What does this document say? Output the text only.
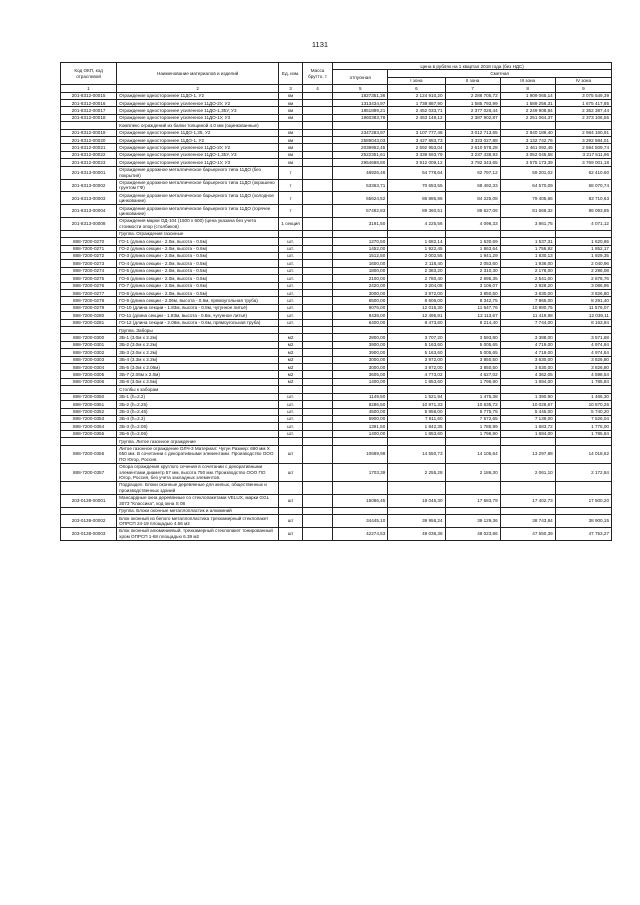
1131
Код ОКП, код отраслевой	Наименование материалов и изделий	Ед. изм.	Масса брутто, т	Цена в рублях на 1 квартал 2018 года (без НДС)				
				отпускная	Сметная			
					I зона	II зона	III зона	IV зона
1	2	3	4	5	6	7	8	9
201-8312-00015	Ограждение одностороннее 11ДО-1, У2	км		1827351,36	2 124 910,20	2 286 705,72	1 909 065,14	3 075 549,39
201-8312-00016	Ограждение одностороннее усиленное 11ДО-2У, У2	км		1313434,97	1 738 887,90	1 585 793,99	1 589 256,31	1 675 417,65
201-8312-00017	Ограждение одностороннее усиленное 11ДО-1,35У, У3	км		1851889,21	2 452 033,71	2 377 026,44	2 249 908,84	2 352 387,44
201-8312-00018	Ограждение одностороннее усиленное 11ДО-1У, У3	км		1860383,78	2 463 148,12	2 387 902,87	2 251 064,37	2 373 106,55
	Комплекс ограждений из балки толщиной 4.0 мм (оцинкованные)							
201-8312-00019	Ограждение одностороннее 11ДО-1,35, У2	км		2347283,97	3 107 777,48	3 012 713,65	2 840 189,40	2 984 160,91
201-8312-00020	Ограждение одностороннее 11ДО-1, У2	км		2589043,03	3 427 883,73	3 323 027,88	3 132 742,76	3 292 584,01
201-8312-00021	Ограждение одностороннее усиленное 11ДО-2У, У2	км		2039952,45	2 692 953,04	2 610 578,28	2 461 092,45	2 594 509,74
201-8312-00022	Ограждение одностороннее усиленное 11ДО-1,35У, У3	км		2522351,61	3 339 593,79	3 237 438,93	3 052 045,58	3 217 511,96
201-8312-00023	Ограждение одностороннее усиленное 11ДО-1У, У3	км		2954688,80	3 912 009,12	3 792 343,65	3 575 173,39	3 769 001,18
201-8313-00001	Ограждение дорожное металлическое барьерного типа 11ДО (без покрытия)	т		48926,46	64 778,64	62 797,12	59 201,02	62 410,60
201-8313-00002	Ограждение дорожное металлическое барьерного типа 11ДО (окрашено грунтом ГФ)	т		53363,71	70 653,55	68 492,33	64 570,09	68 070,74
201-8313-00003	Ограждение дорожное металлическое барьерного типа 11ДО (холодное цинкование)	т		65624,52	86 886,86	84 225,08	79 405,66	83 710,63
201-8313-00004	Ограждение дорожное металлическое барьерного типа 11ДО (горячее цинкование)	т		67492,83	89 360,51	86 627,06	81 666,32	86 093,85
201-8313-00008	Ограждения марки ОД-104 (1500 х 600) (цена указана без учета стоимости опор (столбиков)	1 секция		3191,50	4 225,56	4 096,33	3 861,75	4 071,12
	Группа. Ограждения газонные							
888-7200-0270	ГО-1 (длина секции - 2.0м, высота - 0.5м)	шт.		1270,50	1 682,14	1 630,69	1 537,31	1 620,65
888-7200-0271	ГО-2 (длина секции - 2.0м, высота - 0.6м)	шт.		1452,00	1 922,45	1 863,64	1 756,92	1 852,17
888-7200-0272	ГО-3 (длина секции - 2.0м, высота - 0.5м)	шт.		1512,50	2 002,55	1 941,29	1 830,13	1 929,35
888-7200-0273	ГО-4 (длина секции - 2.0м, высота - 0.5м)	шт.		1600,00	2 118,40	2 053,60	1 936,00	2 040,96
888-7200-0274	ГО-5 (длина секции - 2.0м, высота - 0.5м)	шт.		1800,00	2 383,20	2 310,30	2 178,00	2 296,08
888-7200-0275	ГО-6 (длина секции - 2.0м, высота - 0.5м)	шт.		2100,00	2 780,40	2 695,35	2 541,00	2 678,76
888-7200-0276	ГО-7 (длина секции - 2.0м, высота - 0.6м)	шт.		2420,00	3 204,08	3 106,07	2 928,20	3 086,95
888-7200-0277	ГО-8 (длина секции - 2.0м, высота - 0.5м)	шт.		3000,00	3 972,00	3 850,50	3 630,00	3 826,80
888-7200-0278	ГО-9 (длина секции - 2.06м, высота - 0.6м, прямоугольная труба)	шт.		6500,00	8 606,00	8 342,75	7 865,00	8 291,40
888-7200-0279	ГО-10 (длина секции - 1.83м, высота - 0.8м, чугунное литьё)	шт.		9075,00	12 015,30	11 647,76	10 980,75	11 576,07
888-7200-0280	ГО-11 (длина секции - 1.83м, высота - 0.8м, чугунное литьё)	шт.		9438,00	12 495,91	12 113,67	11 419,98	12 039,11
888-7200-0281	ГО-12 (длина секции - 2.06м, высота - 0.6м, прямоугольная труба)	шт.		6400,00	8 473,60	8 214,40	7 744,00	8 163,84
	Группа. Заборы							
888-7200-0300	ЗБ-1 (3.0м х 2.2м)	м2		2800,00	3 707,20	3 593,80	3 388,00	3 571,68
888-7200-0301	ЗБ-2 (3.0м х 2.2м)	м2		3900,00	5 163,60	5 005,65	4 719,00	4 974,84
888-7200-0302	ЗБ-3 (3.0м х 2.2м)	м2		3900,00	5 163,60	5 005,65	4 719,00	4 974,84
888-7200-0303	ЗБ-4 (3.3м х 2.2м)	м2		3000,00	3 972,00	3 850,50	3 630,00	3 826,80
888-7200-0304	ЗБ-5 (3.0м х 2.06м)	м2		3000,00	3 972,00	3 850,50	3 630,00	3 826,80
888-7200-0305	ЗБ-7 (2.06м х 2.0м)	м2		3605,00	4 773,02	4 627,02	4 362,05	4 598,54
888-7200-0306	ЗБ-8 (3.0м х 2.5м)	м2		1400,00	1 853,60	1 796,90	1 694,00	1 785,84
	Столбы к заборам							
888-7200-0350	ЗБ-1 (h=2.2)	шт.		1149,50	1 521,94	1 475,38	1 390,90	1 466,30
888-7200-0351	ЗБ-2 (h=2.25)	шт.		8286,50	10 971,33	10 635,72	10 026,67	10 570,26
888-7200-0352	ЗБ-3 (h=2.46)	шт.		4500,00	5 958,00	5 775,75	5 445,00	5 740,20
888-7200-0353	ЗБ-4 (h=2.3)	шт.		5900,00	7 811,60	7 572,65	7 139,00	7 526,04
888-7200-0354	ЗБ-3 (h=2.06)	шт.		1391,50	1 842,35	1 785,99	1 683,72	1 775,00
888-7200-0355	ЗБ-6 (h=2.06)	шт.		1400,00	1 853,60	1 796,90	1 694,00	1 785,84
	Группа. Литое газонное ограждение							
888-7200-0356	Литое газонное ограждение ОЛЧ-3 Материал: Чугун Размер: 690 мм Х 650 мм. В сочетании с декоративными элементами. Производство ООО ПО Югор, Россия.	шт		10689,98	14 550,73	14 105,64	13 297,88	14 018,62
888-7200-0357	Опора ограждения круглого сечения в сочетании с декоративными элементами диаметр 57 мм, высота 750 мм. Производство ООО ПО Югор, Россия, без учета закладных элементов.	шт		1703,39	2 255,28	2 186,30	2 061,10	2 172,84
	Подраздел. Блоки оконные деревянные для жилых, общественных и производственных зданий							
203-0138-00001	Мансардные окна деревянные со стеклопакетами VELUX, марки GGL 3073 "Классика", код окна S 08	шт		15086,45	18 045,30	17 583,79	17 402,73	17 500,20
	Группа. Блоки оконные металлопластик и алюминий							
203-0138-00002	Блок оконный из белого металлопластика трехкамерный стеклопакет ОПРСП 24-19 площадью 4.56 м2	шт		34445,10	39 956,24	39 129,36	38 743,84	38 900,15
203-0138-00003	Блок оконный алюминиевый, трехкамерный стеклопакет тонированный хром ОПРСП 1-68 площадью 6.39 м2	шт		42274,53	49 036,36	48 023,86	47 550,39	47 753,27
